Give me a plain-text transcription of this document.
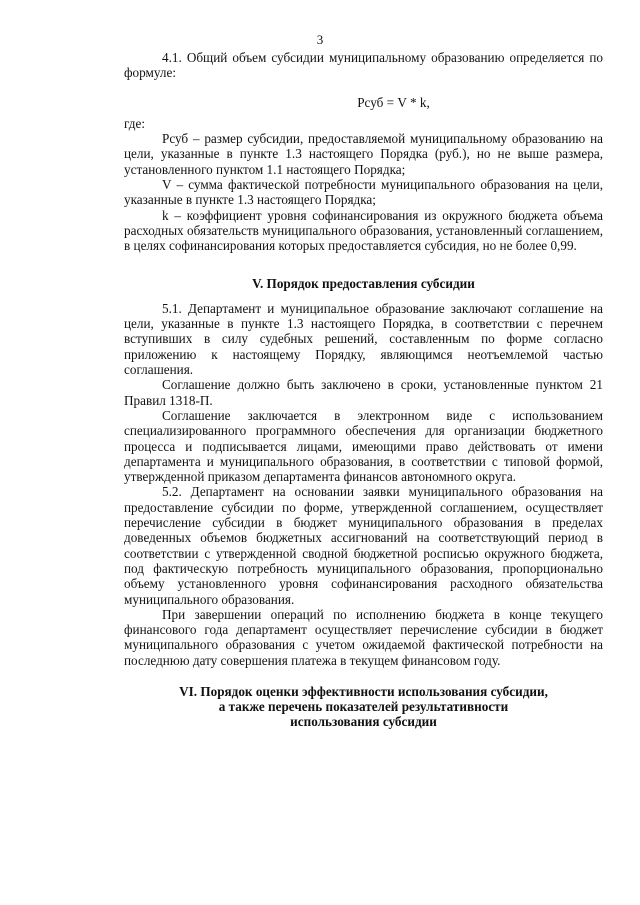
3

4.1. Общий объем субсидии муниципальному образованию определяется по формуле:

Рсуб = V * k,

где:

Рсуб – размер субсидии, предоставляемой муниципальному образованию на цели, указанные в пункте 1.3 настоящего Порядка (руб.), но не выше размера, установленного пунктом 1.1 настоящего Порядка;

V – сумма фактической потребности муниципального образования на цели, указанные в пункте 1.3 настоящего Порядка;

k – коэффициент уровня софинансирования из окружного бюджета объема расходных обязательств муниципального образования, установленный соглашением, в целях софинансирования которых предоставляется субсидия, но не более 0,99.

V. Порядок предоставления субсидии

5.1. Департамент и муниципальное образование заключают соглашение на цели, указанные в пункте 1.3 настоящего Порядка, в соответствии с перечнем вступивших в силу судебных решений, составленным по форме согласно приложению к настоящему Порядку, являющимся неотъемлемой частью соглашения.

Соглашение должно быть заключено в сроки, установленные пунктом 21 Правил 1318-П.

Соглашение заключается в электронном виде с использованием специализированного программного обеспечения для организации бюджетного процесса и подписывается лицами, имеющими право действовать от имени департамента и муниципального образования, в соответствии с типовой формой, утвержденной приказом департамента финансов автономного округа.

5.2. Департамент на основании заявки муниципального образования на предоставление субсидии по форме, утвержденной соглашением, осуществляет перечисление субсидии в бюджет муниципального образования в пределах доведенных объемов бюджетных ассигнований на соответствующий период в соответствии с утвержденной сводной бюджетной росписью окружного бюджета, под фактическую потребность муниципального образования, пропорционально объему установленного уровня софинансирования расходного обязательства муниципального образования.

При завершении операций по исполнению бюджета в конце текущего финансового года департамент осуществляет перечисление субсидии в бюджет муниципального образования с учетом ожидаемой фактической потребности на последнюю дату совершения платежа в текущем финансовом году.

VI. Порядок оценки эффективности использования субсидии,

а также перечень показателей результативности

использования субсидии
